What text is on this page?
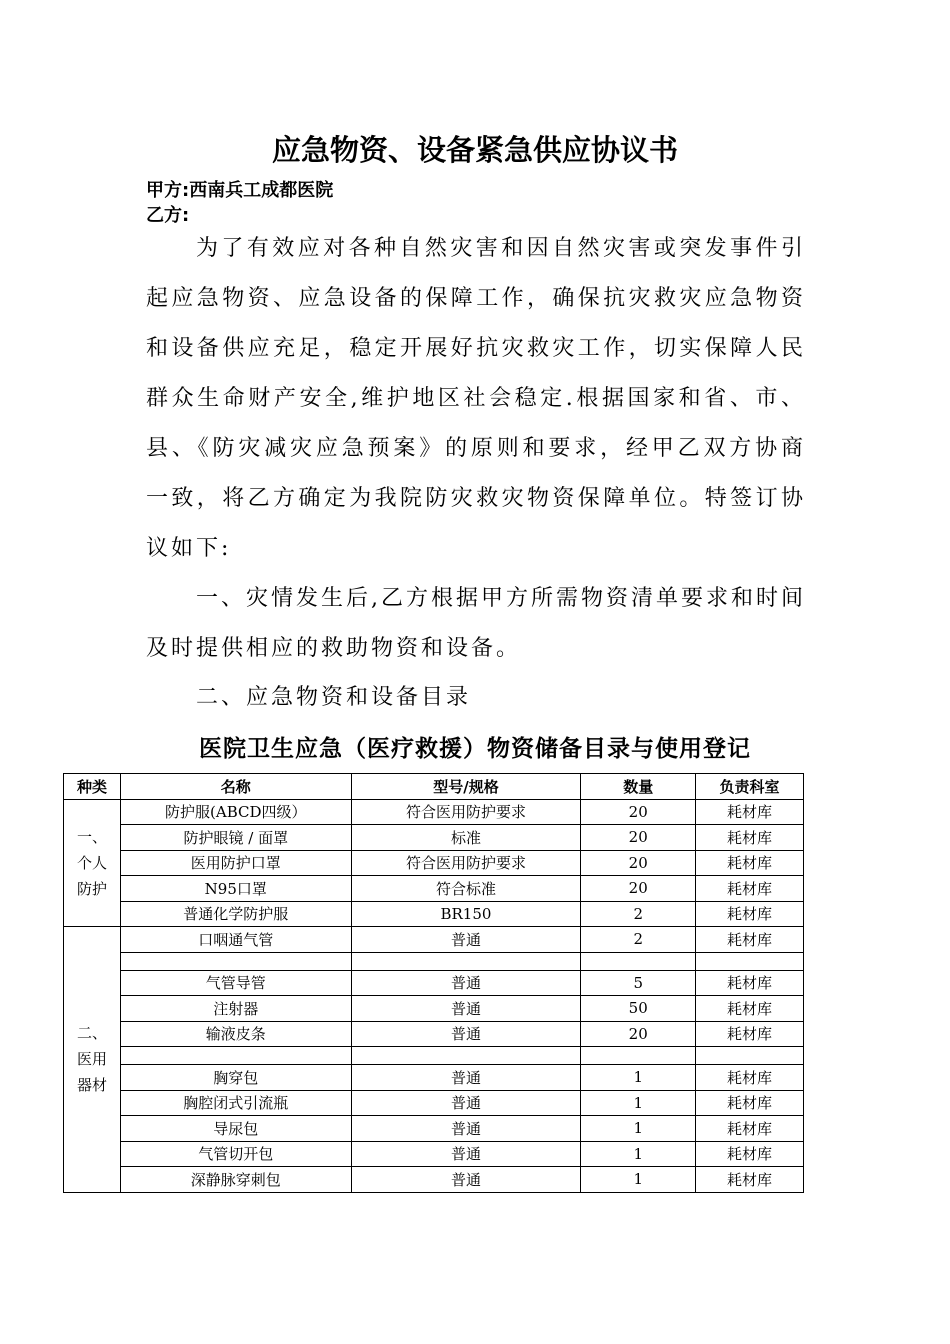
应急物资、设备紧急供应协议书
甲方:西南兵工成都医院
乙方:

为了有效应对各种自然灾害和因自然灾害或突发事件引起应急物资、应急设备的保障工作，确保抗灾救灾应急物资和设备供应充足，稳定开展好抗灾救灾工作，切实保障人民群众生命财产安全,维护地区社会稳定.根据国家和省、市、县、《防灾减灾应急预案》的原则和要求，经甲乙双方协商一致，将乙方确定为我院防灾救灾物资保障单位。特签订协议如下:

一、灾情发生后,乙方根据甲方所需物资清单要求和时间及时提供相应的救助物资和设备。

二、应急物资和设备目录

医院卫生应急（医疗救援）物资储备目录与使用登记
种类	名称	型号/规格	数量	负责科室
一、
个人
防护	防护服(ABCD四级）	符合医用防护要求	20	耗材库
	防护眼镜 / 面罩	标准	20	耗材库
	医用防护口罩	符合医用防护要求	20	耗材库
	N95口罩	符合标准	20	耗材库
	普通化学防护服	BR150	2	耗材库
二、
医用
器材	口咽通气管	普通	2	耗材库

	气管导管	普通	5	耗材库
	注射器	普通	50	耗材库
	输液皮条	普通	20	耗材库

	胸穿包	普通	1	耗材库
	胸腔闭式引流瓶	普通	1	耗材库
	导尿包	普通	1	耗材库
	气管切开包	普通	1	耗材库
	深静脉穿刺包	普通	1	耗材库
